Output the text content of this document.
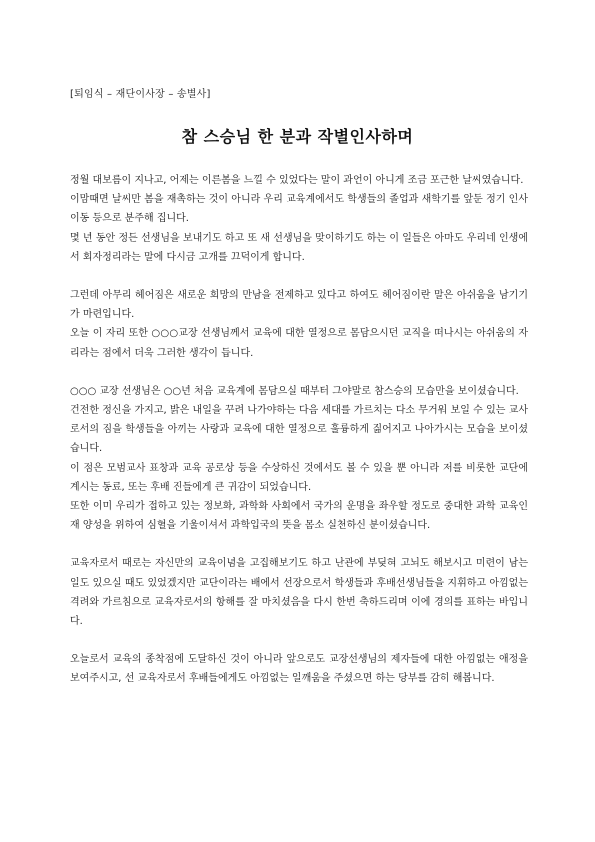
[퇴임식 – 재단이사장 – 송별사]
참 스승님 한 분과 작별인사하며

정월 대보름이 지나고, 어제는 이른봄을 느낄 수 있었다는 말이 과언이 아니게 조금 포근한 날씨였습니다.

이맘때면 날씨만 봄을 재촉하는 것이 아니라 우리 교육계에서도 학생들의 졸업과 새학기를 앞둔 정기 인사이동 등으로 분주해 집니다.

몇 년 동안 정든 선생님을 보내기도 하고 또 새 선생님을 맞이하기도 하는 이 일들은 아마도 우리네 인생에서 회자정리라는 말에 다시금 고개를 끄덕이게 합니다.

그런데 아무리 헤어짐은 새로운 희망의 만남을 전제하고 있다고 하여도 헤어짐이란 말은 아쉬움을 남기기가 마련입니다.

오늘 이 자리 또한 ○○○교장 선생님께서 교육에 대한 열정으로 몸담으시던 교직을 떠나시는 아쉬움의 자리라는 점에서 더욱 그러한 생각이 듭니다.

○○○ 교장 선생님은 ○○년 처음 교육계에 몸담으실 때부터 그야말로 참스승의 모습만을 보이셨습니다.

건전한 정신을 가지고, 밝은 내일을 꾸려 나가야하는 다음 세대를 가르치는 다소 무거워 보일 수 있는 교사로서의 짐을 학생들을 아끼는 사랑과 교육에 대한 열정으로 훌륭하게 짊어지고 나아가시는 모습을 보이셨습니다.

이 점은 모범교사 표창과 교육 공로상 등을 수상하신 것에서도 볼 수 있을 뿐 아니라 저를 비롯한 교단에 계시는 동료, 또는 후배 진들에게 큰 귀감이 되었습니다.

또한 이미 우리가 접하고 있는 정보화, 과학화 사회에서 국가의 운명을 좌우할 정도로 중대한 과학 교육인재 양성을 위하여 심혈을 기울이셔서 과학입국의 뜻을 몸소 실천하신 분이셨습니다.

교육자로서 때로는 자신만의 교육이념을 고집해보기도 하고 난관에 부딪혀 고뇌도 해보시고 미련이 남는 일도 있으실 때도 있었겠지만 교단이라는 배에서 선장으로서 학생들과 후배선생님들을 지휘하고 아낌없는 격려와 가르침으로 교육자로서의 항해를 잘 마치셨음을 다시 한번 축하드리며 이에 경의를 표하는 바입니다.

오늘로서 교육의 종착점에 도달하신 것이 아니라 앞으로도 교장선생님의 제자들에 대한 아낌없는 애정을 보여주시고, 선 교육자로서 후배들에게도 아낌없는 일깨움을 주셨으면 하는 당부를 감히 해봅니다.
